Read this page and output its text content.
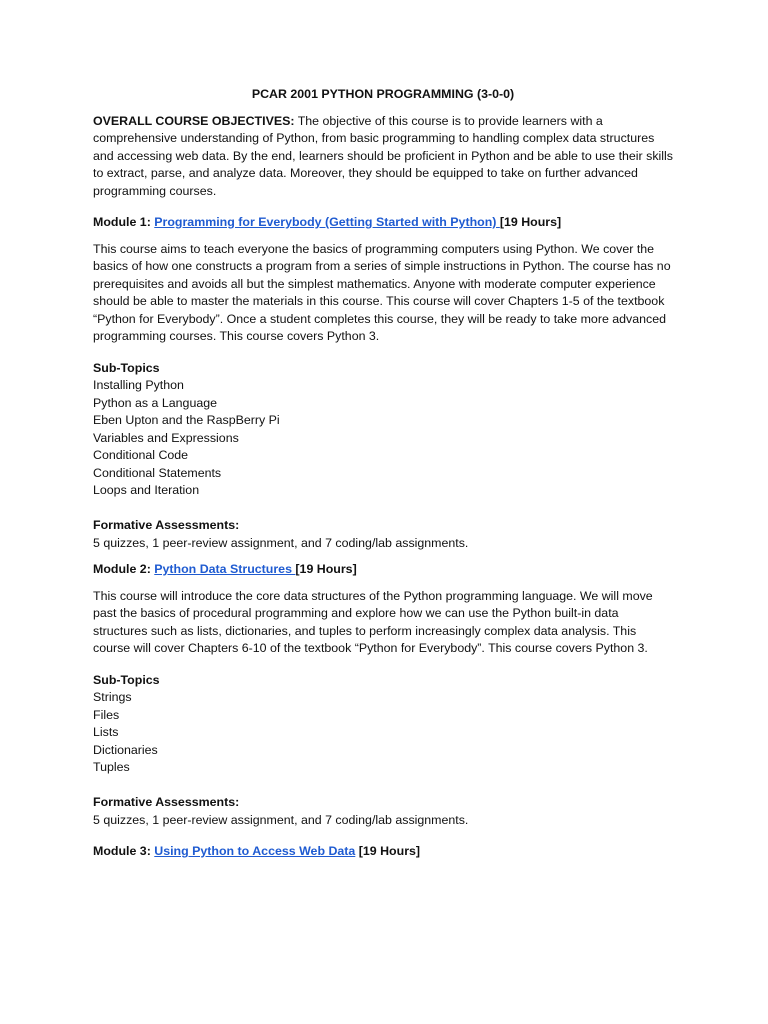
PCAR 2001 PYTHON PROGRAMMING (3-0-0)

OVERALL COURSE OBJECTIVES: The objective of this course is to provide learners with a comprehensive understanding of Python, from basic programming to handling complex data structures and accessing web data. By the end, learners should be proficient in Python and be able to use their skills to extract, parse, and analyze data. Moreover, they should be equipped to take on further advanced programming courses.

Module 1: Programming for Everybody (Getting Started with Python) [19 Hours]

This course aims to teach everyone the basics of programming computers using Python. We cover the basics of how one constructs a program from a series of simple instructions in Python. The course has no prerequisites and avoids all but the simplest mathematics. Anyone with moderate computer experience should be able to master the materials in this course. This course will cover Chapters 1-5 of the textbook “Python for Everybody”. Once a student completes this course, they will be ready to take more advanced programming courses. This course covers Python 3.

Sub-Topics

Installing Python
Python as a Language
Eben Upton and the RaspBerry Pi
Variables and Expressions
Conditional Code
Conditional Statements
Loops and Iteration

Formative Assessments:

5 quizzes, 1 peer-review assignment, and 7 coding/lab assignments.

Module 2: Python Data Structures [19 Hours]

This course will introduce the core data structures of the Python programming language. We will move past the basics of procedural programming and explore how we can use the Python built-in data structures such as lists, dictionaries, and tuples to perform increasingly complex data analysis. This course will cover Chapters 6-10 of the textbook “Python for Everybody”. This course covers Python 3.

Sub-Topics

Strings
Files
Lists
Dictionaries
Tuples

Formative Assessments:

5 quizzes, 1 peer-review assignment, and 7 coding/lab assignments.

Module 3: Using Python to Access Web Data [19 Hours]
